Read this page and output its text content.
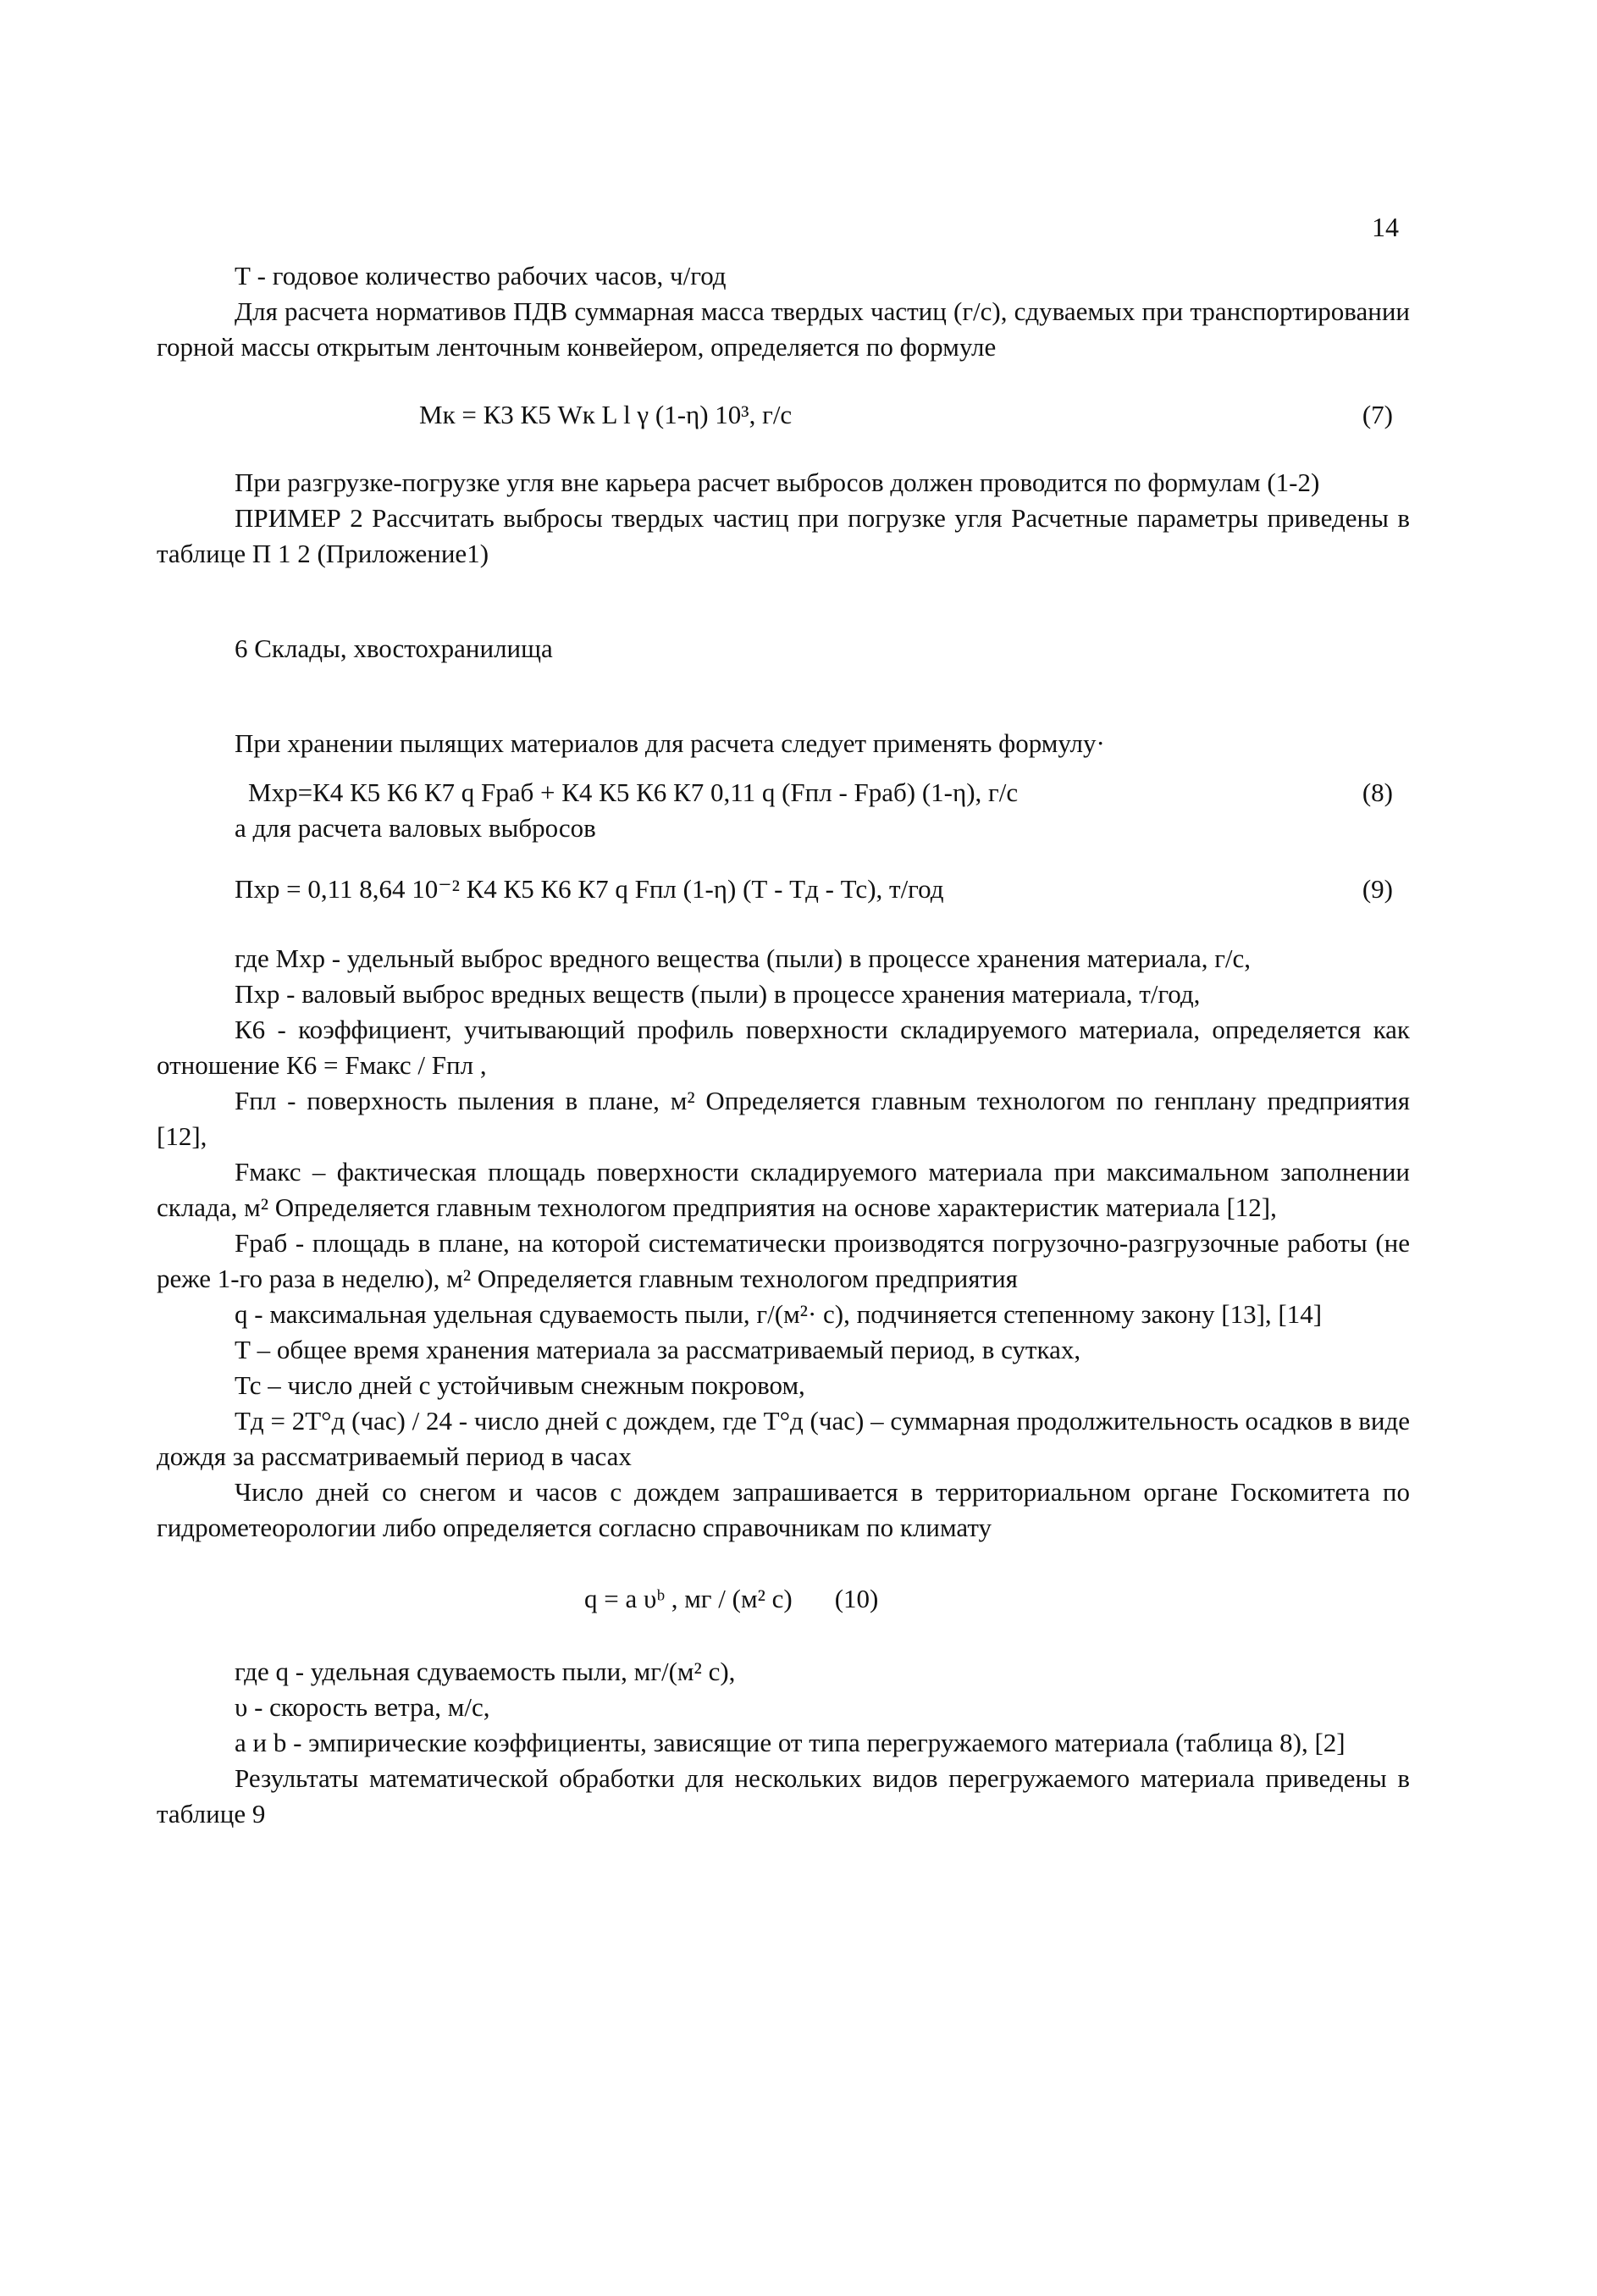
14

Т - годовое количество рабочих часов, ч/год

Для расчета нормативов ПДВ суммарная масса твердых частиц (г/с), сдуваемых при транспортировании горной массы открытым ленточным конвейером, определяется по формуле

Мк = К3 К5 Wк L l γ (1-η) 10³, г/с	(7)

При разгрузке-погрузке угля вне карьера расчет выбросов должен проводится по формулам (1-2)

ПРИМЕР 2 Рассчитать выбросы твердых частиц при погрузке угля Расчетные параметры приведены в таблице П 1 2 (Приложение1)

6 Склады, хвостохранилища

При хранении пылящих материалов для расчета следует применять формулу·

Мхр=К4 К5 К6 К7 q Fраб + К4 К5 К6 К7 0,11 q (Fпл - Fраб) (1-η), г/с	(8)

а для расчета валовых выбросов

Пхр = 0,11 8,64 10⁻² К4 К5 К6 К7 q Fпл (1-η) (Т - Тд - Тс), т/год	(9)

где Мхр - удельный выброс вредного вещества (пыли) в процессе хранения материала, г/с,

Пхр - валовый выброс вредных веществ (пыли) в процессе хранения материала, т/год,

К6 - коэффициент, учитывающий профиль поверхности складируемого материала, определяется как отношение К6 = Fмакс / Fпл ,

Fпл - поверхность пыления в плане, м² Определяется главным технологом по генплану предприятия [12],

Fмакс – фактическая площадь поверхности складируемого материала при максимальном заполнении склада, м² Определяется главным технологом предприятия на основе характеристик материала [12],

Fраб - площадь в плане, на которой систематически производятся погрузочно-разгрузочные работы (не реже 1-го раза в неделю), м² Определяется главным технологом предприятия

q - максимальная удельная сдуваемость пыли, г/(м²· с), подчиняется степенному закону [13], [14]

Т – общее время хранения материала за рассматриваемый период, в сутках,

Тс – число дней с устойчивым снежным покровом,

Тд = 2Т°д (час) / 24 - число дней с дождем, где Т°д (час) – суммарная продолжительность осадков в виде дождя за рассматриваемый период в часах

Число дней со снегом и часов с дождем запрашивается в территориальном органе Госкомитета по гидрометеорологии либо определяется согласно справочникам по климату

q = a υᵇ , мг / (м² с)	(10)

где q - удельная сдуваемость пыли, мг/(м² с),

υ - скорость ветра, м/с,

а и b - эмпирические коэффициенты, зависящие от типа перегружаемого материала (таблица 8), [2]

Результаты математической обработки для нескольких видов перегружаемого материала приведены в таблице 9
